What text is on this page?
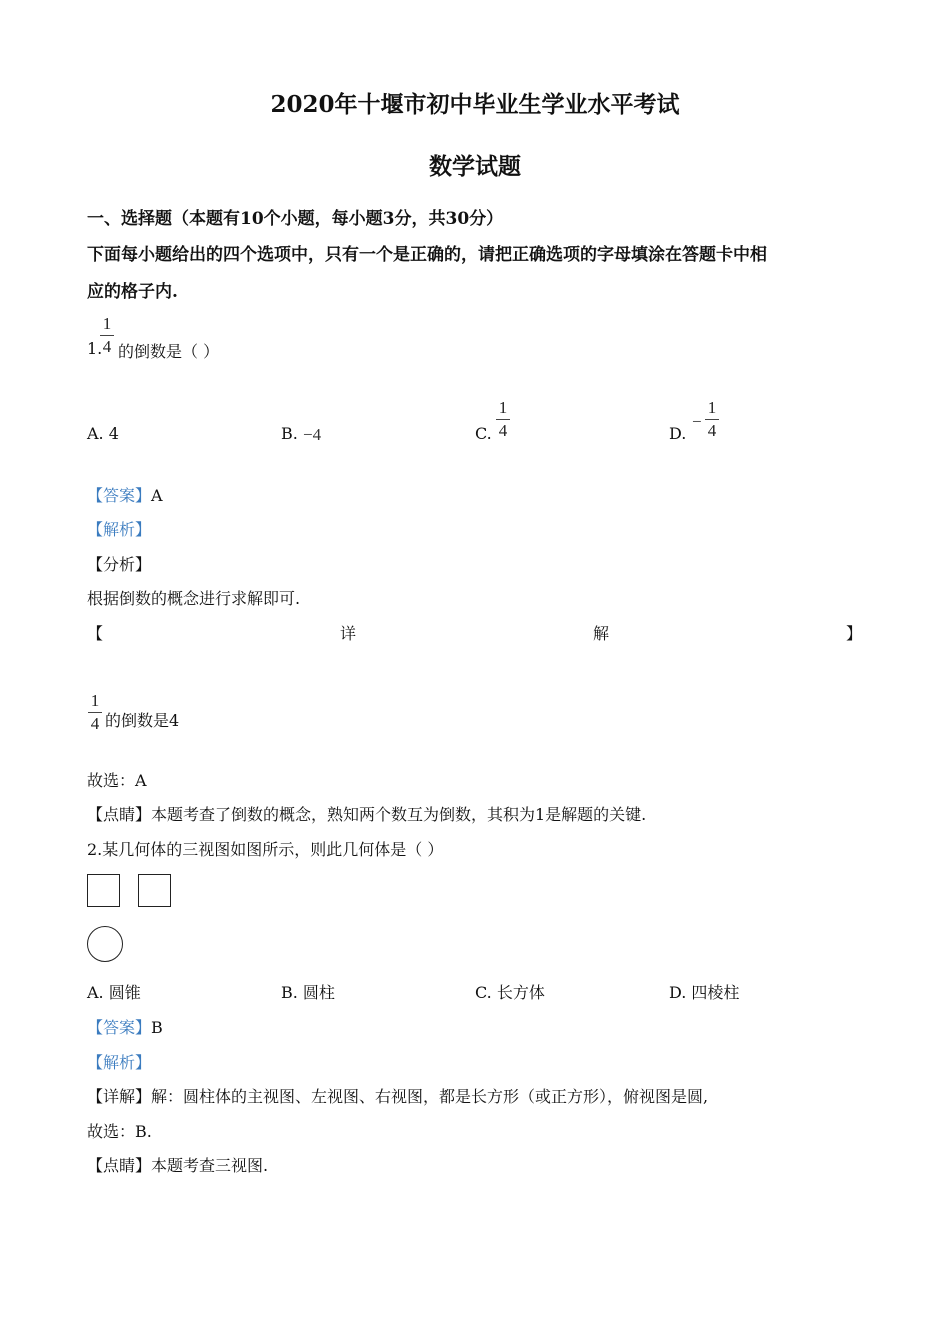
2020年十堰市初中毕业生学业水平考试
数学试题
一、选择题（本题有10个小题，每小题3分，共30分）
下面每小题给出的四个选项中，只有一个是正确的，请把正确选项的字母填涂在答题卡中相
应的格子内.
1.
1
4 的倒数是（ ）
A. 4	B. −4	C.
1
4	D.
−
1
4
【答案】A
【解析】
【分析】
根据倒数的概念进行求解即可.
【	详	解	】
1
4 的倒数是4
故选：A
【点睛】本题考查了倒数的概念，熟知两个数互为倒数，其积为1是解题的关键.
2.某几何体的三视图如图所示，则此几何体是（ ）
A. 圆锥	B. 圆柱	C. 长方体	D. 四棱柱
【答案】B
【解析】
【详解】解：圆柱体的主视图、左视图、右视图，都是长方形（或正方形），俯视图是圆,
故选：B.
【点睛】本题考查三视图.
